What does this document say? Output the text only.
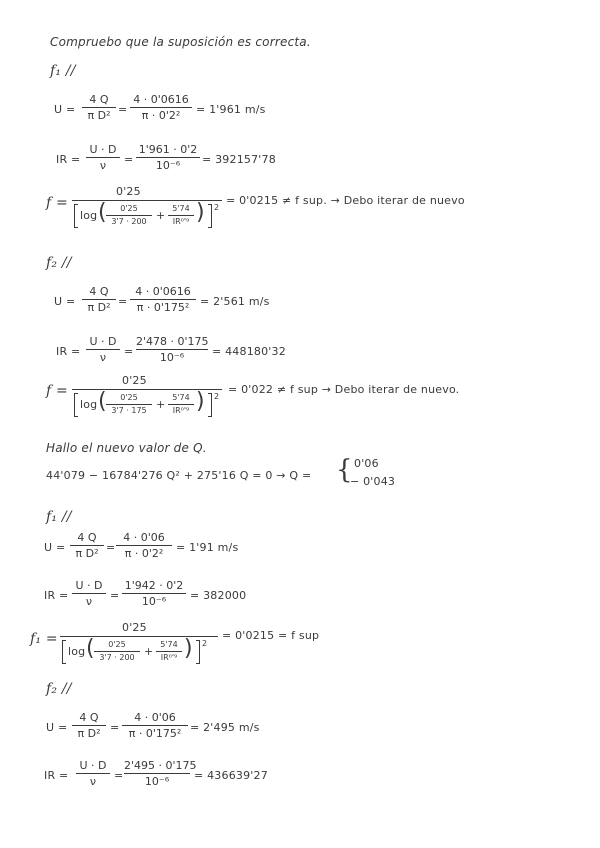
Compruebo que la suposición es correcta.
f₁ //
U =
4 Q
π D² =
4 · 0'0616
π · 0'2²	= 1'961 m/s
IR =
U · D
ν	=
1'961 · 0'2
10⁻⁶	= 392157'78
f =
0'25
log (	0'25
3'7 · 200 +
5'74
IR⁰'⁹ ) 2
= 0'0215 ≠ f sup. → Debo iterar de nuevo
f₂ //
U =
4 Q
π D² =
4 · 0'0616
π · 0'175² = 2'561 m/s
IR =
U · D
ν	=
2'478 · 0'175
10⁻⁶	= 448180'32
f =
0'25
log (	0'25
3'7 · 175 +
5'74
IR⁰'⁹ ) 2
= 0'022 ≠ f sup → Debo iterar de nuevo.
Hallo el nuevo valor de Q.
44'079 − 16784'276 Q² + 275'16 Q = 0 → Q = { 0'06
− 0'043
f₁ //
U =
4 Q
π D² =
4 · 0'06
π · 0'2²	= 1'91 m/s
IR =
U · D
ν	=
1'942 · 0'2
10⁻⁶	= 382000
f₁ =
0'25
log (	0'25
3'7 · 200 +
5'74
IR⁰'⁹ ) 2
= 0'0215 = f sup
f₂ //
U =
4 Q
π D² =
4 · 0'06
π · 0'175² = 2'495 m/s
IR =
U · D
ν	=
2'495 · 0'175
10⁻⁶	= 436639'27
